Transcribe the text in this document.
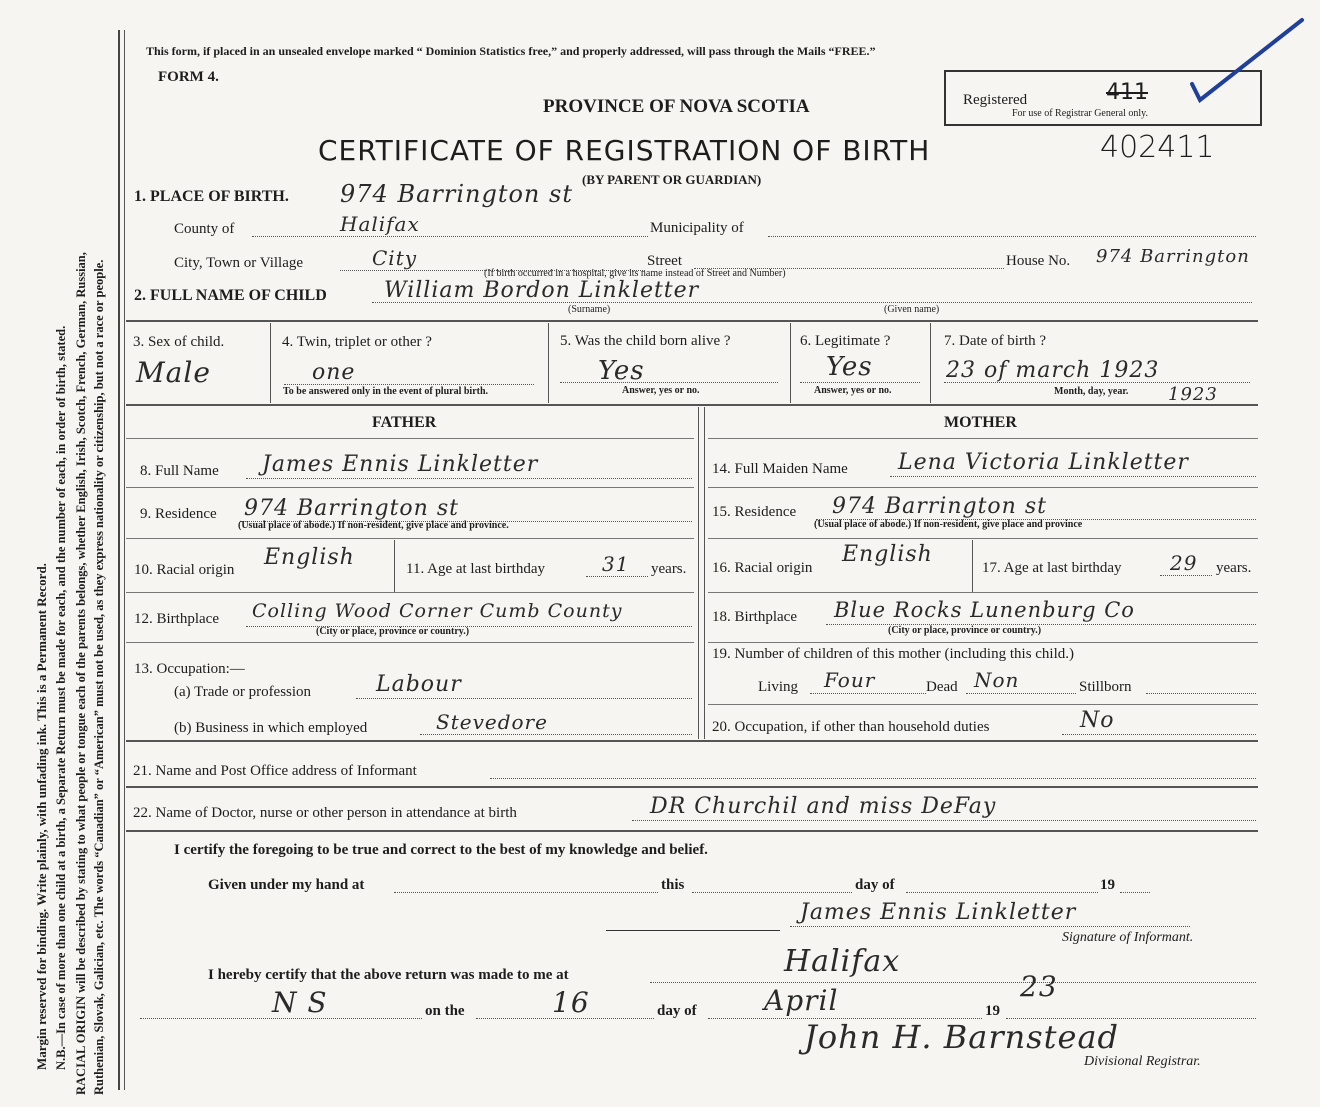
Margin reserved for binding. Write plainly, with unfading ink. This is a Permanent Record. N.B.—In case of more than one child at a birth, a Separate Return must be made for each, and the number of each, in order of birth, stated. RACIAL ORIGIN will be described by stating to what people or tongue each of the parents belongs, whether English, Irish, Scotch, French, German, Russian, Ruthenian, Slovak, Galician, etc. The words “Canadian” or “American” must not be used, as they express nationality or citizenship, but not a race or people.
This form, if placed in an unsealed envelope marked “ Dominion Statistics free,” and properly addressed, will pass through the Mails “FREE.”
FORM 4.
PROVINCE OF NOVA SCOTIA
CERTIFICATE OF REGISTRATION OF BIRTH	402411
(BY PARENT OR GUARDIAN)
Registered	411
For use of Registrar General only.
1. PLACE OF BIRTH. 974 Barrington st
County of	Halifax	Municipality of
City, Town or Village	City	Street
(If birth occurred in a hospital, give its name instead of Street and Number)
House No. 974 Barrington
2. FULL NAME OF CHILD	William Bordon Linkletter
(Surname)	(Given name)
3. Sex of child.
Male
4. Twin, triplet or other ?
one
To be answered only in the event of plural birth.
5. Was the child born alive ?
Yes
Answer, yes or no.
6. Legitimate ?
Yes
Answer, yes or no.
7. Date of birth ?
23 of march 1923
Month, day, year. 1923
FATHER	MOTHER
8. Full Name James Ennis Linkletter
9. Residence 974 Barrington st
(Usual place of abode.) If non-resident, give place and province.
10. Racial origin English	11. Age at last birthday	31 years.
12. Birthplace Colling Wood Corner Cumb County
(City or place, province or country.)
13. Occupation:—
(a) Trade or profession	Labour
(b) Business in which employed	Stevedore
14. Full Maiden Name Lena Victoria Linkletter
15. Residence 974 Barrington st
(Usual place of abode.) If non-resident, give place and province
16. Racial origin
English
17. Age at last birthday 29 years.
18. Birthplace Blue Rocks Lunenburg Co
(City or place, province or country.)
19. Number of children of this mother (including this child.)
Living Four	Dead Non	Stillborn
20. Occupation, if other than household duties	No
21. Name and Post Office address of Informant
22. Name of Doctor, nurse or other person in attendance at birth	DR Churchil and miss DeFay
I certify the foregoing to be true and correct to the best of my knowledge and belief.
Given under my hand at	this	day of	19
James Ennis Linkletter
Signature of Informant.
I hereby certify that the above return was made to me at	Halifax
N S	on the	16	day of April	19
23
John H. Barnstead
Divisional Registrar.
